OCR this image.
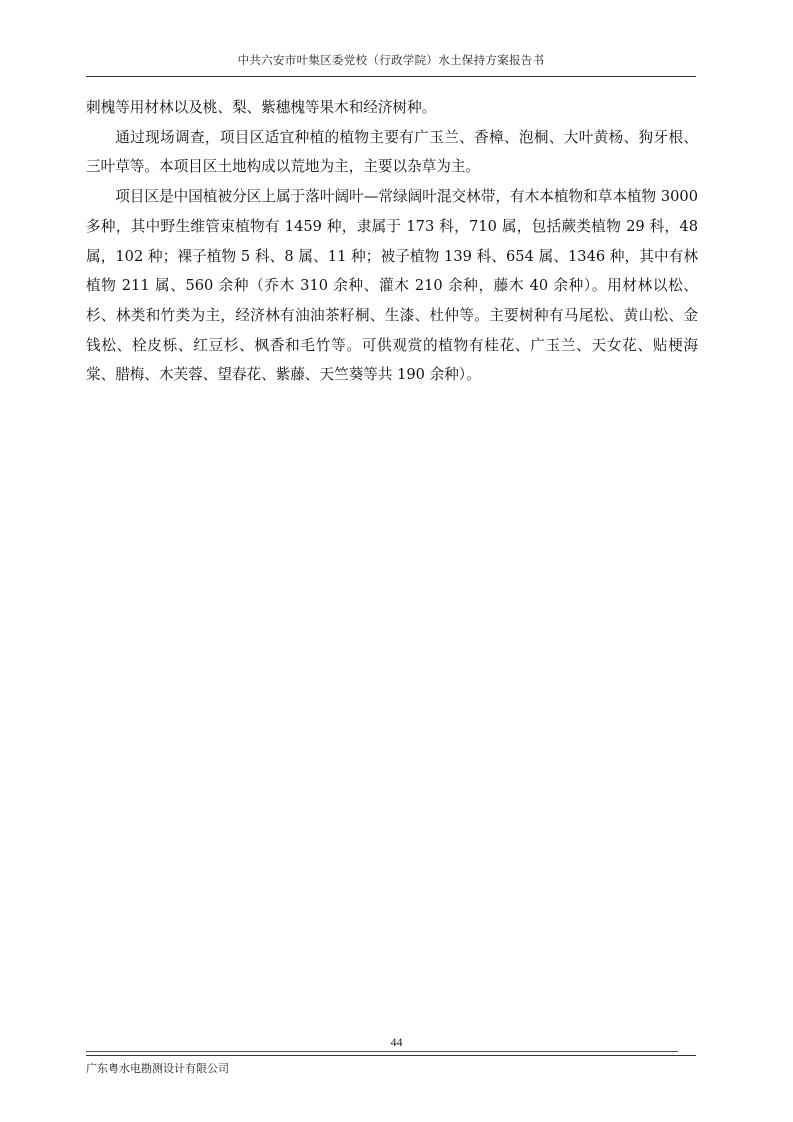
中共六安市叶集区委党校（行政学院）水土保持方案报告书

刺槐等用材林以及桃、梨、紫穗槐等果木和经济树种。

通过现场调查，项目区适宜种植的植物主要有广玉兰、香樟、泡桐、大叶黄杨、狗牙根、三叶草等。本项目区土地构成以荒地为主，主要以杂草为主。

项目区是中国植被分区上属于落叶阔叶—常绿阔叶混交林带，有木本植物和草本植物 3000 多种，其中野生维管束植物有 1459 种，隶属于 173 科，710 属，包括蕨类植物 29 科，48 属，102 种；裸子植物 5 科、8 属、11 种；被子植物 139 科、654 属、1346 种，其中有林植物 211 属、560 余种（乔木 310 余种、灌木 210 余种，藤木 40 余种）。用材林以松、杉、林类和竹类为主，经济林有油油茶籽桐、生漆、杜仲等。主要树种有马尾松、黄山松、金钱松、栓皮栎、红豆杉、枫香和毛竹等。可供观赏的植物有桂花、广玉兰、天女花、贴梗海棠、腊梅、木芙蓉、望春花、紫藤、天竺葵等共 190 余种）。

44
广东粤水电勘测设计有限公司
